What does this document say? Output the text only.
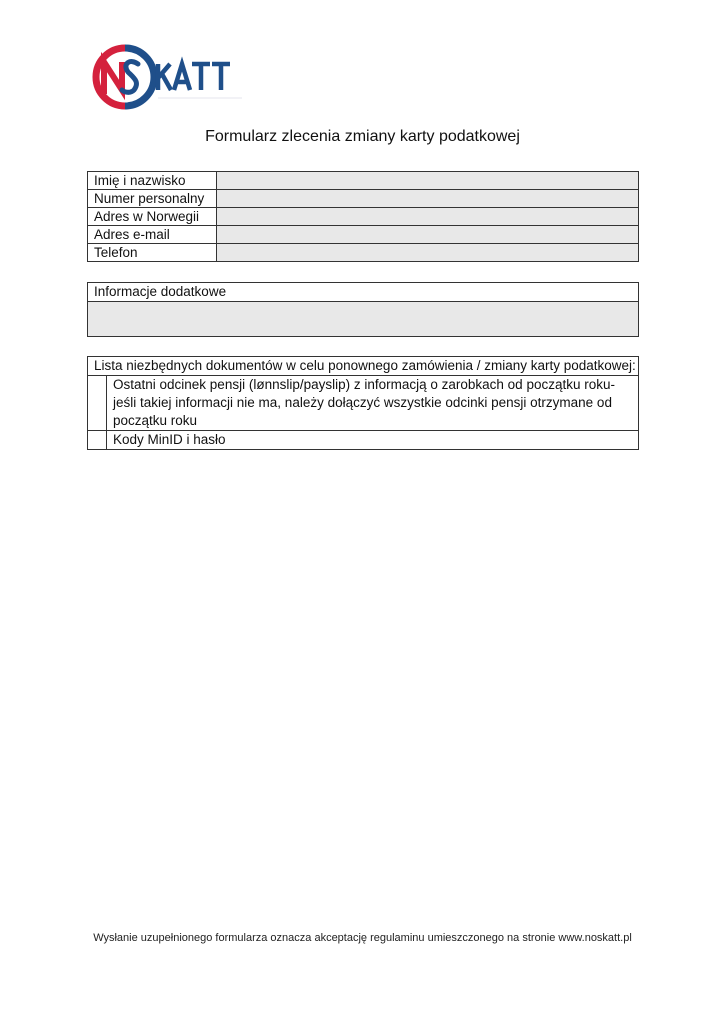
Formularz zlecenia zmiany karty podatkowej
Imię i nazwisko	
Numer personalny	
Adres w Norwegii	
Adres e-mail	
Telefon	
Informacje dodatkowe

Lista niezbędnych dokumentów w celu ponownego zamówienia / zmiany karty podatkowej:	
	Ostatni odcinek pensji (lønnslip/payslip) z informacją o zarobkach od początku roku- jeśli takiej informacji nie ma, należy dołączyć wszystkie odcinki pensji otrzymane od początku roku
	Kody MinID i hasło
Wysłanie uzupełnionego formularza oznacza akceptację regulaminu umieszczonego na stronie www.noskatt.pl
